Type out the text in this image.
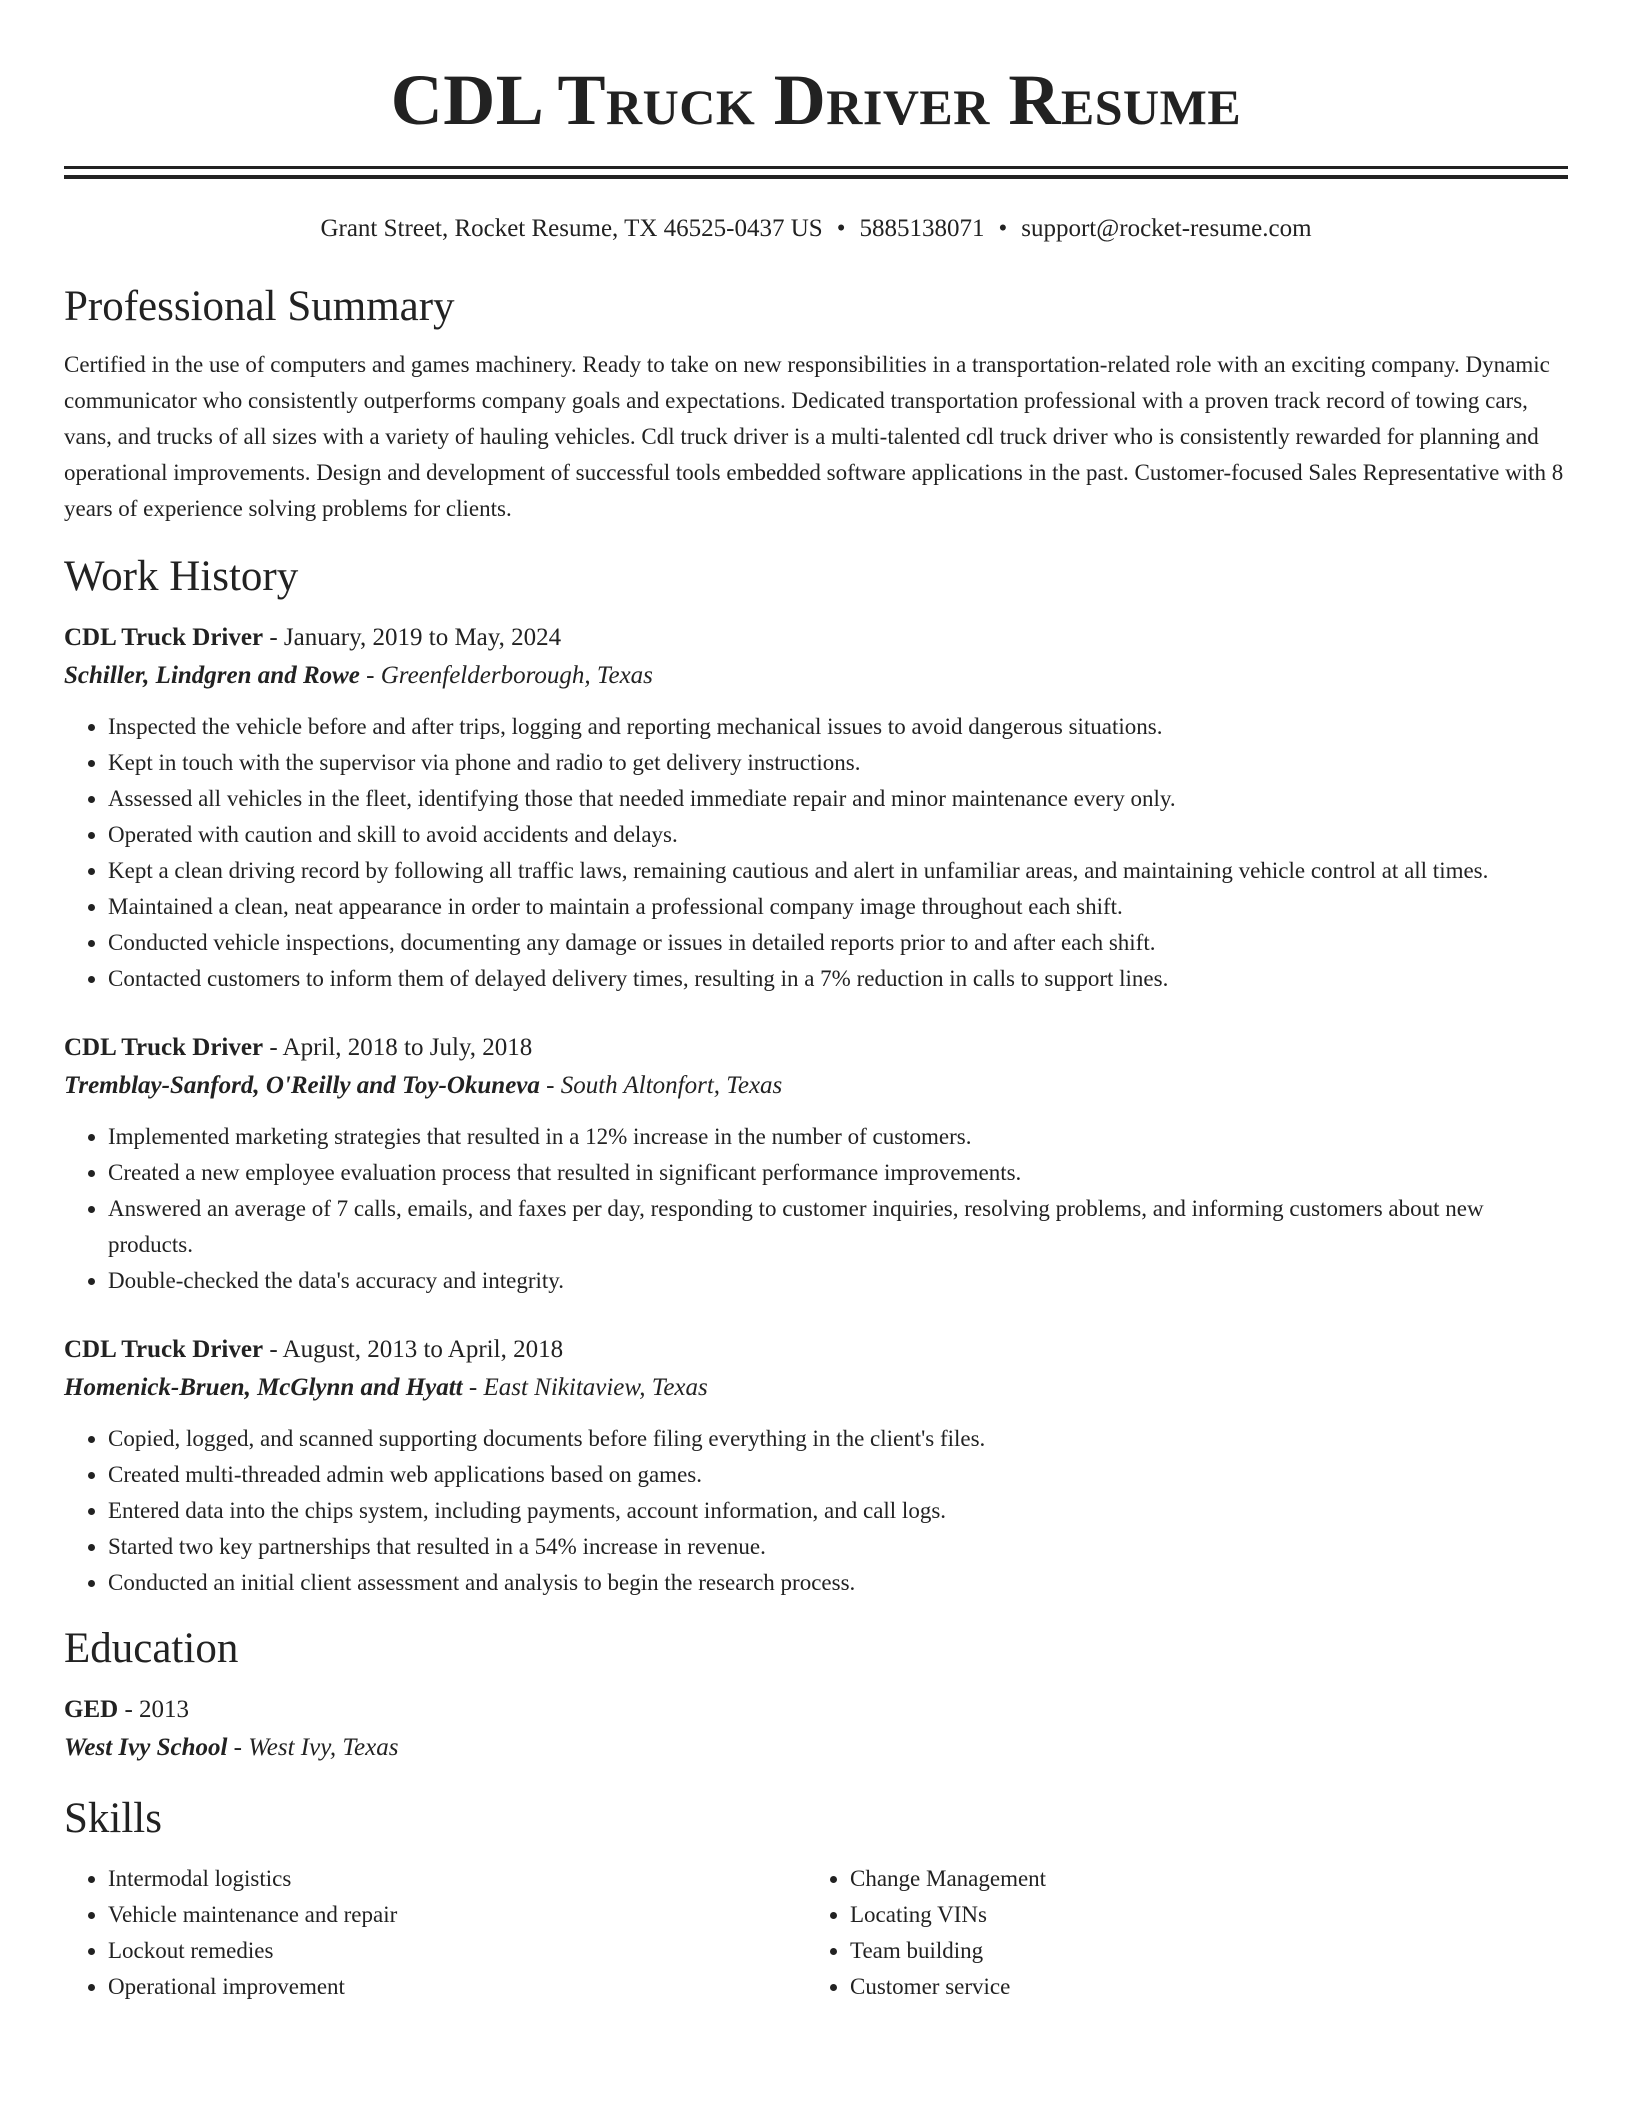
CDL Truck Driver Resume
Grant Street, Rocket Resume, TX 46525-0437 US • 5885138071 • support@rocket-resume.com
Professional Summary

Certified in the use of computers and games machinery. Ready to take on new responsibilities in a transportation-related role with an exciting company. Dynamic communicator who consistently outperforms company goals and expectations. Dedicated transportation professional with a proven track record of towing cars, vans, and trucks of all sizes with a variety of hauling vehicles. Cdl truck driver is a multi-talented cdl truck driver who is consistently rewarded for planning and operational improvements. Design and development of successful tools embedded software applications in the past. Customer-focused Sales Representative with 8 years of experience solving problems for clients.

Work History
CDL Truck Driver - January, 2019 to May, 2024
Schiller, Lindgren and Rowe - Greenfelderborough, Texas
• Inspected the vehicle before and after trips, logging and reporting mechanical issues to avoid dangerous situations.
• Kept in touch with the supervisor via phone and radio to get delivery instructions.
• Assessed all vehicles in the fleet, identifying those that needed immediate repair and minor maintenance every only.
• Operated with caution and skill to avoid accidents and delays.
• Kept a clean driving record by following all traffic laws, remaining cautious and alert in unfamiliar areas, and maintaining vehicle control at all times.
• Maintained a clean, neat appearance in order to maintain a professional company image throughout each shift.
• Conducted vehicle inspections, documenting any damage or issues in detailed reports prior to and after each shift.
• Contacted customers to inform them of delayed delivery times, resulting in a 7% reduction in calls to support lines.
CDL Truck Driver - April, 2018 to July, 2018
Tremblay-Sanford, O'Reilly and Toy-Okuneva - South Altonfort, Texas
• Implemented marketing strategies that resulted in a 12% increase in the number of customers.
• Created a new employee evaluation process that resulted in significant performance improvements.
• Answered an average of 7 calls, emails, and faxes per day, responding to customer inquiries, resolving problems, and informing customers about new products.
• Double-checked the data's accuracy and integrity.
CDL Truck Driver - August, 2013 to April, 2018
Homenick-Bruen, McGlynn and Hyatt - East Nikitaview, Texas
• Copied, logged, and scanned supporting documents before filing everything in the client's files.
• Created multi-threaded admin web applications based on games.
• Entered data into the chips system, including payments, account information, and call logs.
• Started two key partnerships that resulted in a 54% increase in revenue.
• Conducted an initial client assessment and analysis to begin the research process.
Education
GED - 2013
West Ivy School - West Ivy, Texas
Skills
• Intermodal logistics
• Vehicle maintenance and repair
• Lockout remedies
• Operational improvement
• Change Management
• Locating VINs
• Team building
• Customer service
